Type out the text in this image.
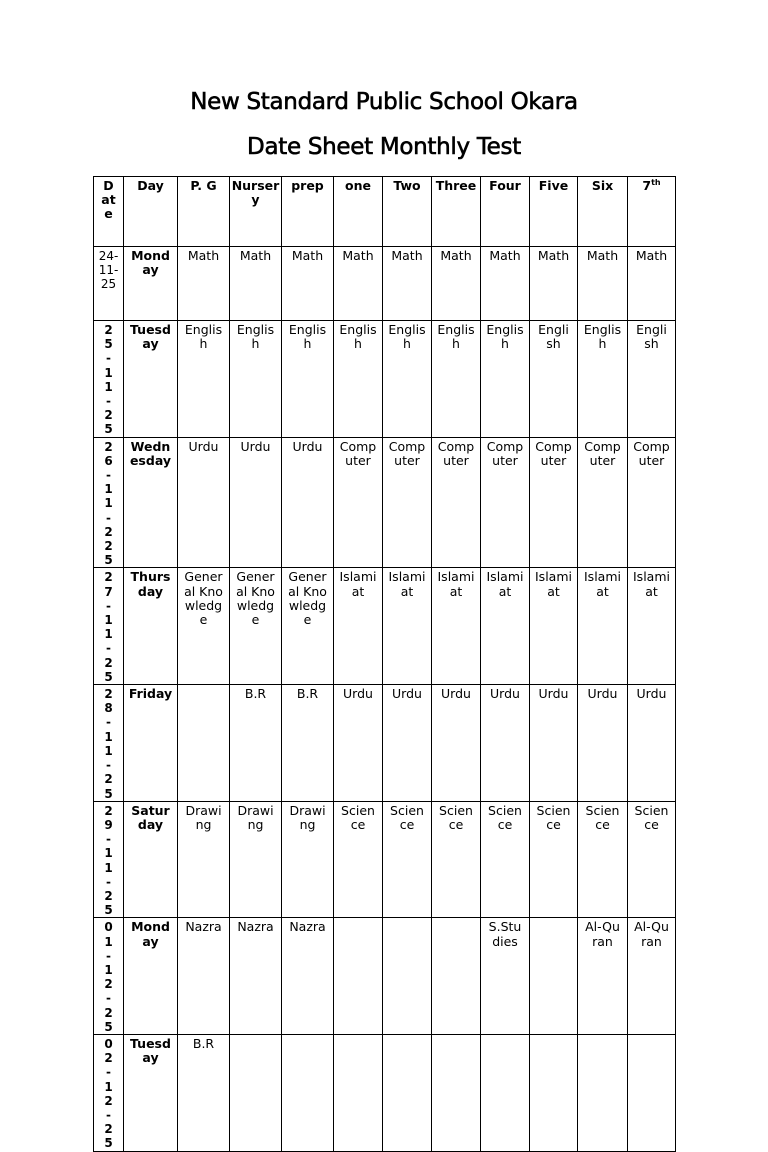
New Standard Public School Okara
Date Sheet Monthly Test
Date	Day	P. G	Nursery	prep	one	Two	Three	Four	Five	Six	7th
24-11-25	Monday	Math	Math	Math	Math	Math	Math	Math	Math	Math	Math
25-11-25	Tuesday	English	English	English	English	English	English	English	English	English	English
26-11-225	Wednesday	Urdu	Urdu	Urdu	Computer	Computer	Computer	Computer	Computer	Computer	Computer
27-11-25	Thursday	General Knowledge	General Knowledge	General Knowledge	Islamiat	Islamiat	Islamiat	Islamiat	Islamiat	Islamiat	Islamiat
28-11-25	Friday		B.R	B.R	Urdu	Urdu	Urdu	Urdu	Urdu	Urdu	Urdu
29-11-25	Saturday	Drawing	Drawing	Drawing	Science	Science	Science	Science	Science	Science	Science
01-12-25	Monday	Nazra	Nazra	Nazra				S.Studies		Al-Quran	Al-Quran
02-12-25	Tuesday	B.R									
